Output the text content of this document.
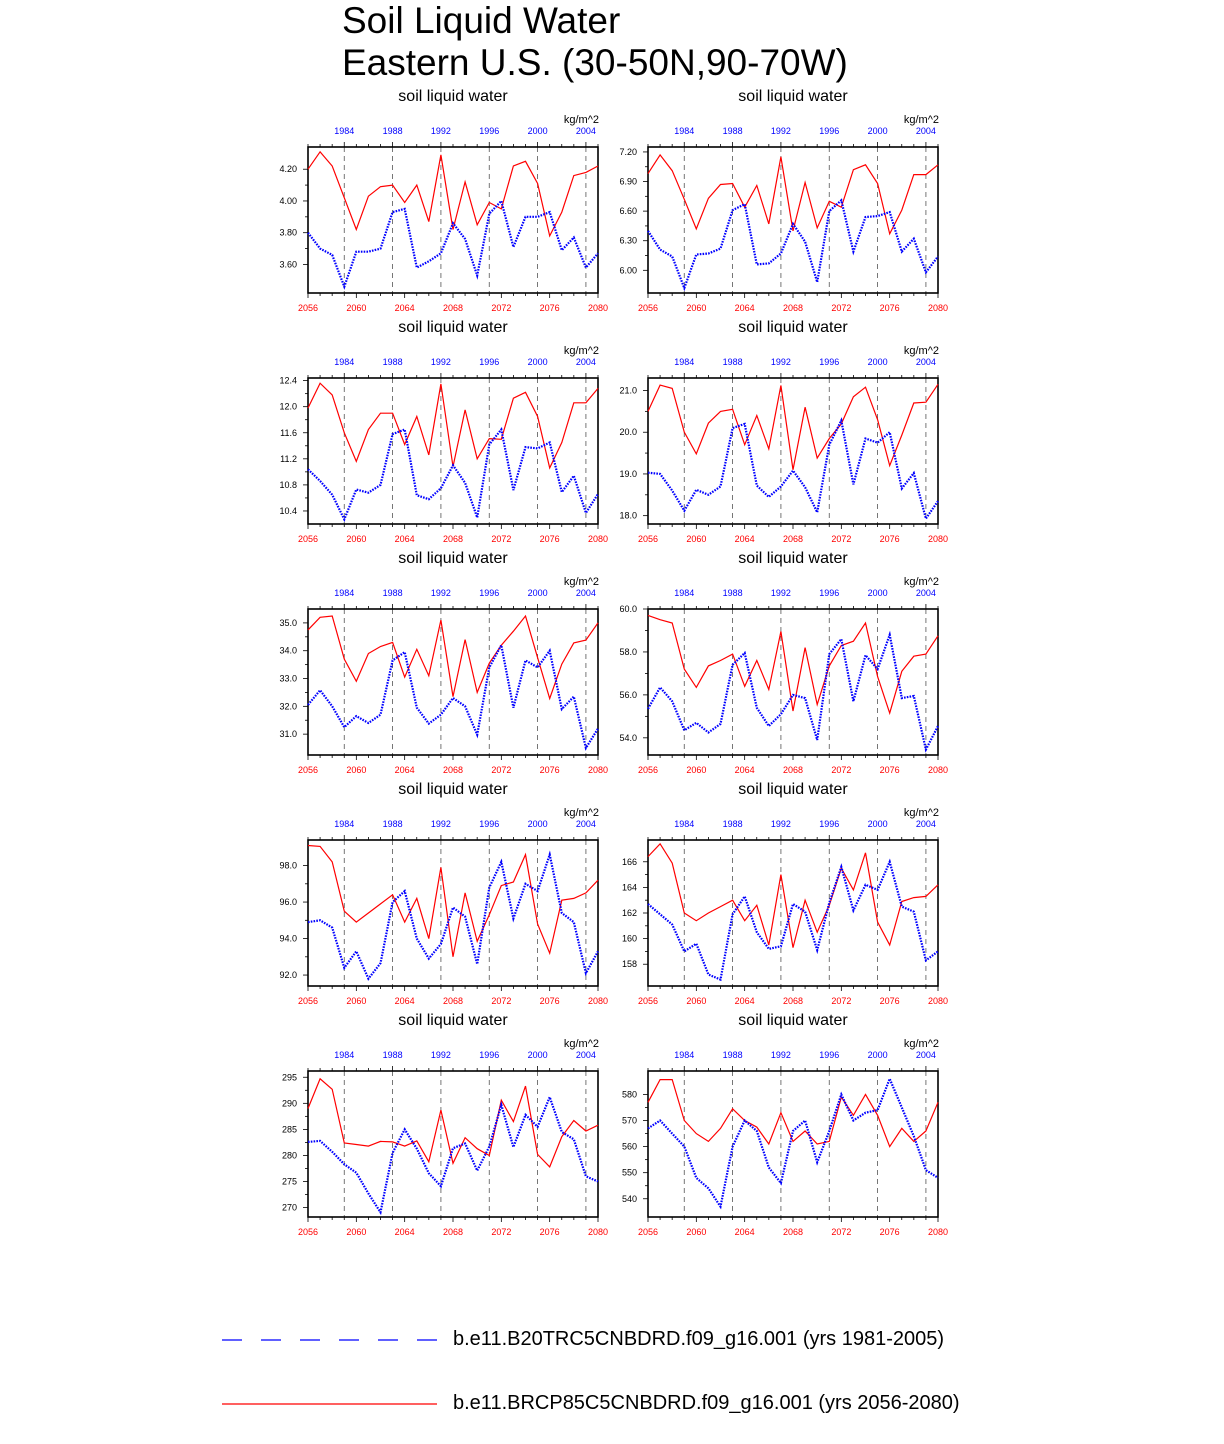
Soil Liquid Water
Eastern U.S. (30-50N,90-70W)
soil liquid water
kg/m^2
2056	2060	2064	2068	2072	2076	2080
1984	1988	1992	1996	2000	2004
3.60
3.80
4.00
4.20
soil liquid water
kg/m^2
2056	2060	2064	2068	2072	2076	2080
1984	1988	1992	1996	2000	2004
6.00
6.30
6.60
6.90
7.20
soil liquid water
kg/m^2
2056	2060	2064	2068	2072	2076	2080
1984	1988	1992	1996	2000	2004
10.4
10.8
11.2
11.6
12.0
12.4
soil liquid water
kg/m^2
2056	2060	2064	2068	2072	2076	2080
1984	1988	1992	1996	2000	2004
18.0
19.0
20.0
21.0
soil liquid water
kg/m^2
2056	2060	2064	2068	2072	2076	2080
1984	1988	1992	1996	2000	2004
31.0
32.0
33.0
34.0
35.0
soil liquid water
kg/m^2
2056	2060	2064	2068	2072	2076	2080
1984	1988	1992	1996	2000	2004
54.0
56.0
58.0
60.0
soil liquid water
kg/m^2
2056	2060	2064	2068	2072	2076	2080
1984	1988	1992	1996	2000	2004
92.0
94.0
96.0
98.0
soil liquid water
kg/m^2
2056	2060	2064	2068	2072	2076	2080
1984	1988	1992	1996	2000	2004
158
160
162
164
166
soil liquid water
kg/m^2
2056	2060	2064	2068	2072	2076	2080
1984	1988	1992	1996	2000	2004
270
275
280
285
290
295
soil liquid water
kg/m^2
2056	2060	2064	2068	2072	2076	2080
1984	1988	1992	1996	2000	2004
540
550
560
570
580
b.e11.B20TRC5CNBDRD.f09_g16.001 (yrs 1981-2005)
b.e11.BRCP85C5CNBDRD.f09_g16.001 (yrs 2056-2080)
